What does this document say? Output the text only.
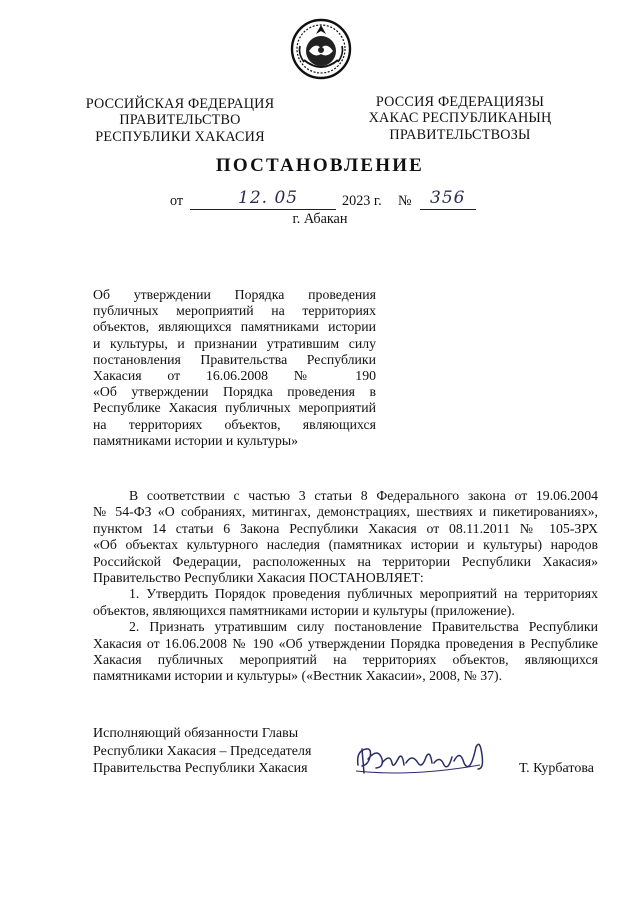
РОССИЙСКАЯ ФЕДЕРАЦИЯ
ПРАВИТЕЛЬСТВО
РЕСПУБЛИКИ ХАКАСИЯ
РОССИЯ ФЕДЕРАЦИЯЗЫ
ХАКАС РЕСПУБЛИКАНЫҢ
ПРАВИТЕЛЬСТВОЗЫ
ПОСТАНОВЛЕНИЕ
от	12. 05	2023 г. № 356
г. Абакан
Об утверждении Порядка проведения
публичных мероприятий на территориях
объектов, являющихся памятниками истории
и культуры, и признании утратившим силу
постановления Правительства Республики
Хакасия от 16.06.2008 № 190
«Об утверждении Порядка проведения в
Республике Хакасия публичных мероприятий
на территориях объектов, являющихся
памятниками истории и культуры»
В соответствии с частью 3 статьи 8 Федерального закона от 19.06.2004
№ 54-ФЗ «О собраниях, митингах, демонстрациях, шествиях и пикетированиях»,
пунктом 14 статьи 6 Закона Республики Хакасия от 08.11.2011 № 105-ЗРХ
«Об объектах культурного наследия (памятниках истории и культуры) народов
Российской Федерации, расположенных на территории Республики Хакасия»
Правительство Республики Хакасия ПОСТАНОВЛЯЕТ:
1. Утвердить Порядок проведения публичных мероприятий на территориях
объектов, являющихся памятниками истории и культуры (приложение).
2. Признать утратившим силу постановление Правительства Республики
Хакасия от 16.06.2008 № 190 «Об утверждении Порядка проведения в Республике
Хакасия публичных мероприятий на территориях объектов, являющихся
памятниками истории и культуры» («Вестник Хакасии», 2008, № 37).
Исполняющий обязанности Главы
Республики Хакасия – Председателя
Правительства Республики Хакасия	Т. Курбатова
